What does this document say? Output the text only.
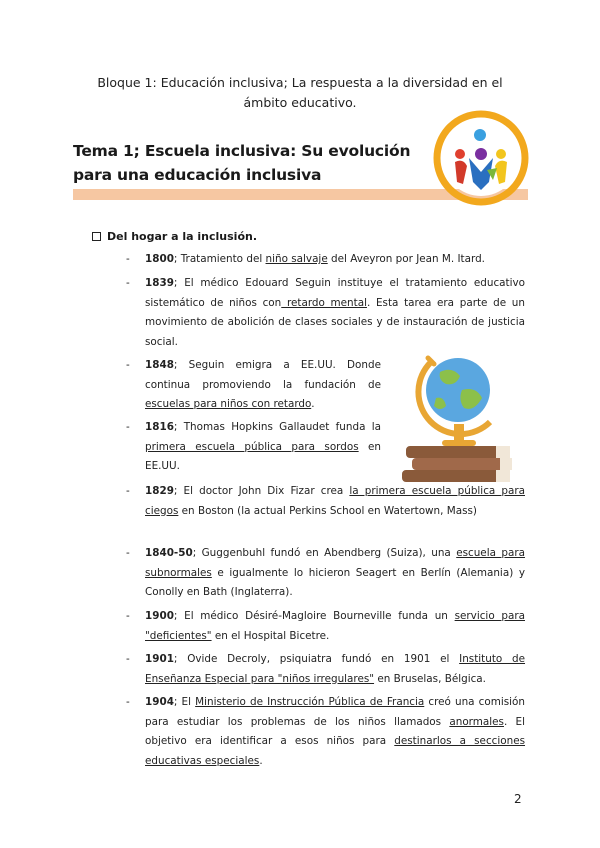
Bloque 1: Educación inclusiva; La respuesta a la diversidad en el
ámbito educativo.
Tema 1; Escuela inclusiva: Su evolución
para una educación inclusiva
Del hogar a la inclusión.
- 1800; Tratamiento del niño salvaje del Aveyron por Jean M. Itard.
- 1839; El médico Edouard Seguin instituye el tratamiento educativo sistemático de niños con retardo mental. Esta tarea era parte de un movimiento de abolición de clases sociales y de instauración de justicia social.
- 1848; Seguin emigra a EE.UU. Donde continua promoviendo la fundación de escuelas para niños con retardo.
- 1816; Thomas Hopkins Gallaudet funda la primera escuela pública para sordos en EE.UU.
- 1829; El doctor John Dix Fizar crea la primera escuela pública para ciegos en Boston (la actual Perkins School en Watertown, Mass)
- 1840-50; Guggenbuhl fundó en Abendberg (Suiza), una escuela para subnormales e igualmente lo hicieron Seagert en Berlín (Alemania) y Conolly en Bath (Inglaterra).
- 1900; El médico Désiré-Magloire Bourneville funda un servicio para "deficientes" en el Hospital Bicetre.
- 1901; Ovide Decroly, psiquiatra fundó en 1901 el Instituto de Enseñanza Especial para "niños irregulares" en Bruselas, Bélgica.
- 1904; El Ministerio de Instrucción Pública de Francia creó una comisión para estudiar los problemas de los niños llamados anormales. El objetivo era identificar a esos niños para destinarlos a secciones educativas especiales.
2
